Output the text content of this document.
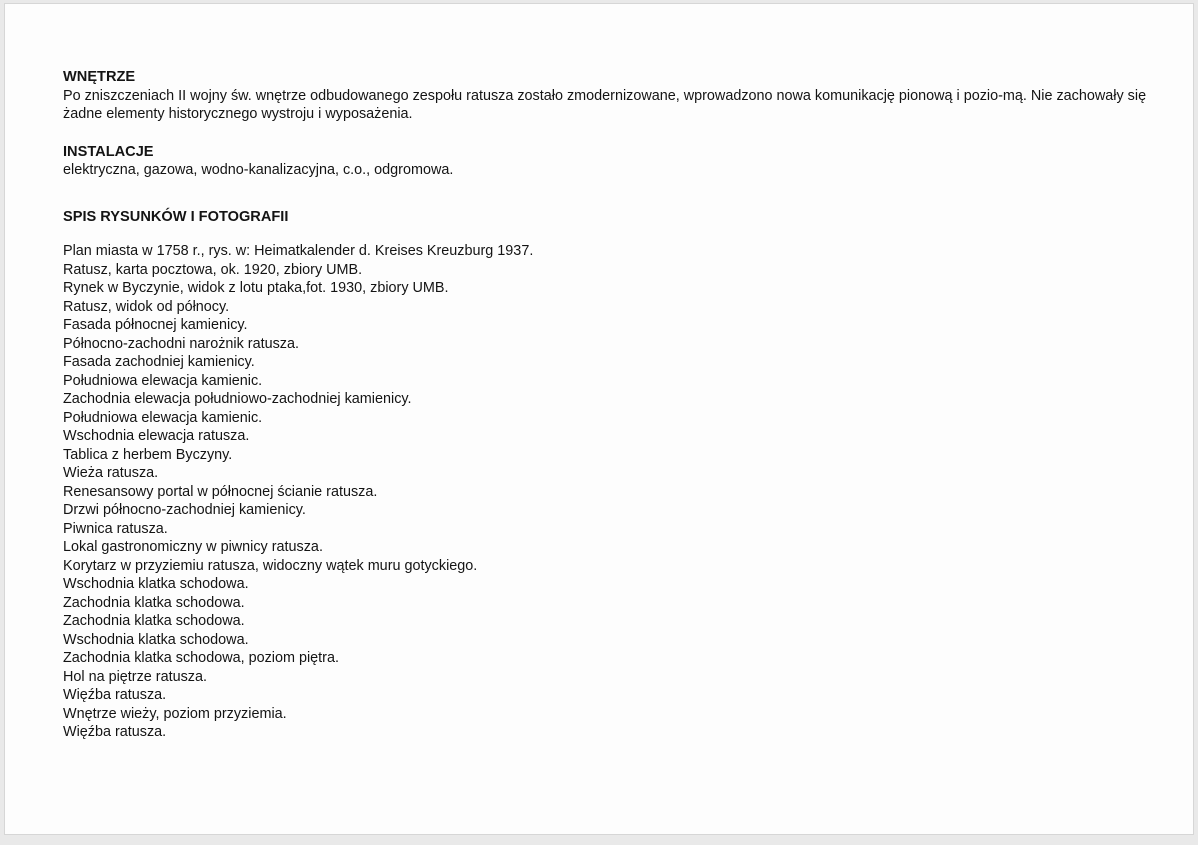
WNĘTRZE

Po zniszczeniach II wojny św. wnętrze odbudowanego zespołu ratusza zostało zmodernizowane, wprowadzono nowa komunikację pionową i pozio-mą. Nie zachowały się żadne elementy historycznego wystroju i wyposażenia.

INSTALACJE

elektryczna, gazowa, wodno-kanalizacyjna, c.o., odgromowa.

SPIS RYSUNKÓW I FOTOGRAFII
Plan miasta w 1758 r., rys. w: Heimatkalender d. Kreises Kreuzburg 1937.
Ratusz, karta pocztowa, ok. 1920, zbiory UMB.
Rynek w Byczynie, widok z lotu ptaka,fot. 1930, zbiory UMB.
Ratusz, widok od północy.
Fasada północnej kamienicy.
Północno-zachodni narożnik ratusza.
Fasada zachodniej kamienicy.
Południowa elewacja kamienic.
Zachodnia elewacja południowo-zachodniej kamienicy.
Południowa elewacja kamienic.
Wschodnia elewacja ratusza.
Tablica z herbem Byczyny.
Wieża ratusza.
Renesansowy portal w północnej ścianie ratusza.
Drzwi północno-zachodniej kamienicy.
Piwnica ratusza.
Lokal gastronomiczny w piwnicy ratusza.
Korytarz w przyziemiu ratusza, widoczny wątek muru gotyckiego.
Wschodnia klatka schodowa.
Zachodnia klatka schodowa.
Zachodnia klatka schodowa.
Wschodnia klatka schodowa.
Zachodnia klatka schodowa, poziom piętra.
Hol na piętrze ratusza.
Więźba ratusza.
Wnętrze wieży, poziom przyziemia.
Więźba ratusza.
